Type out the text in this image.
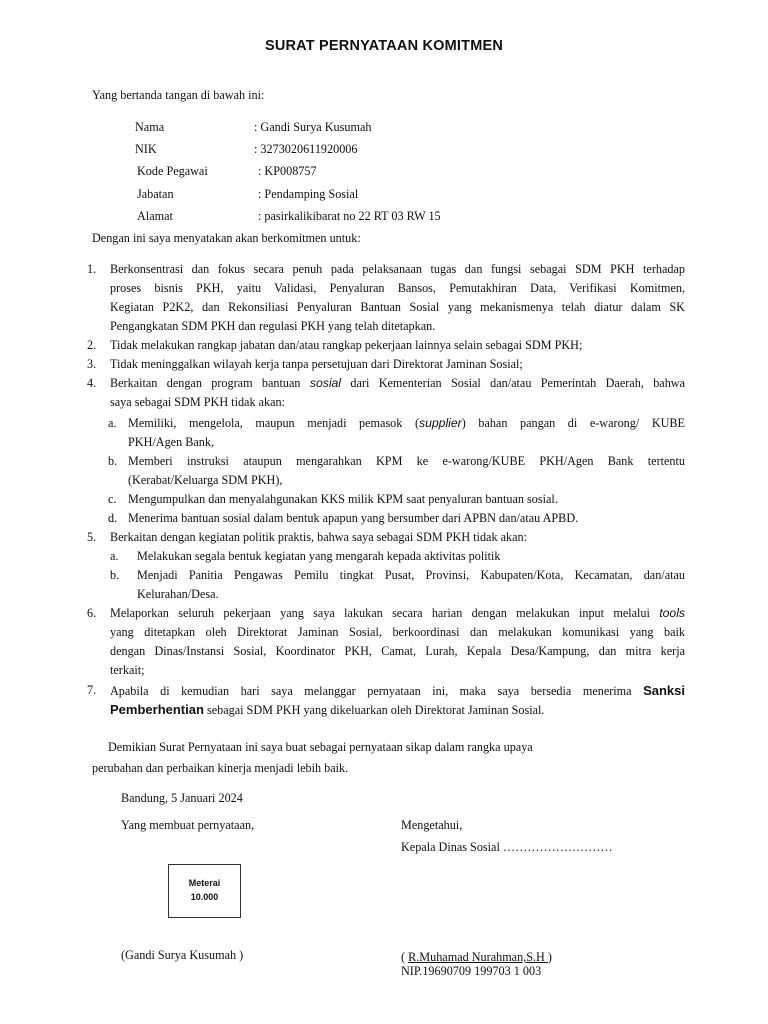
SURAT PERNYATAAN KOMITMEN
Yang bertanda tangan di bawah ini:
Nama	: Gandi Surya Kusumah
NIK	: 3273020611920006
Kode Pegawai	: KP008757
Jabatan	: Pendamping Sosial
Alamat	: pasirkalikibarat no 22 RT 03 RW 15
Dengan ini saya menyatakan akan berkomitmen untuk:
1. Berkonsentrasi dan fokus secara penuh pada pelaksanaan tugas dan fungsi sebagai SDM PKH terhadap
proses bisnis PKH, yaitu Validasi, Penyaluran Bansos, Pemutakhiran Data, Verifikasi Komitmen,
Kegiatan P2K2, dan Rekonsiliasi Penyaluran Bantuan Sosial yang mekanismenya telah diatur dalam SK
Pengangkatan SDM PKH dan regulasi PKH yang telah ditetapkan.
2. Tidak melakukan rangkap jabatan dan/atau rangkap pekerjaan lainnya selain sebagai SDM PKH;
3. Tidak meninggalkan wilayah kerja tanpa persetujuan dari Direktorat Jaminan Sosial;
4. Berkaitan dengan program bantuan sosial dari Kementerian Sosial dan/atau Pemerintah Daerah, bahwa
saya sebagai SDM PKH tidak akan:
a. Memiliki, mengelola, maupun menjadi pemasok (supplier) bahan pangan di e-warong/ KUBE
PKH/Agen Bank,
b. Memberi instruksi ataupun mengarahkan KPM ke e-warong/KUBE PKH/Agen Bank tertentu
(Kerabat/Keluarga SDM PKH),
c. Mengumpulkan dan menyalahgunakan KKS milik KPM saat penyaluran bantuan sosial.
d. Menerima bantuan sosial dalam bentuk apapun yang bersumber dari APBN dan/atau APBD.
5. Berkaitan dengan kegiatan politik praktis, bahwa saya sebagai SDM PKH tidak akan:
a. Melakukan segala bentuk kegiatan yang mengarah kepada aktivitas politik
b. Menjadi Panitia Pengawas Pemilu tingkat Pusat, Provinsi, Kabupaten/Kota, Kecamatan, dan/atau
Kelurahan/Desa.
6. Melaporkan seluruh pekerjaan yang saya lakukan secara harian dengan melakukan input melalui tools
yang ditetapkan oleh Direktorat Jaminan Sosial, berkoordinasi dan melakukan komunikasi yang baik
dengan Dinas/Instansi Sosial, Koordinator PKH, Camat, Lurah, Kepala Desa/Kampung, dan mitra kerja
terkait;
7. Apabila di kemudian hari saya melanggar pernyataan ini, maka saya bersedia menerima Sanksi
Pemberhentian sebagai SDM PKH yang dikeluarkan oleh Direktorat Jaminan Sosial.
Demikian Surat Pernyataan ini saya buat sebagai pernyataan sikap dalam rangka upaya
perubahan dan perbaikan kinerja menjadi lebih baik.
Bandung, 5 Januari 2024
Yang membuat pernyataan,
Meterai
10.000
(Gandi Surya Kusumah )
Mengetahui,
Kepala Dinas Sosial ………………………
( R.Muhamad Nurahman,S.H )
NIP.19690709 199703 1 003
